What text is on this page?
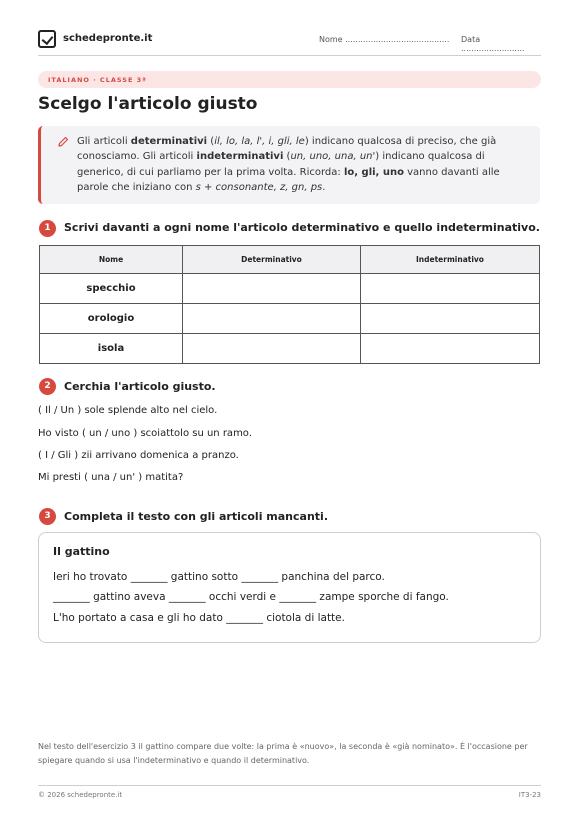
schedepronte.it	Nome ......................................... Data .........................
ITALIANO · CLASSE 3ª
Scelgo l'articolo giusto
Gli articoli determinativi (il, lo, la, l', i, gli, le) indicano qualcosa di preciso, che già conosciamo. Gli articoli indeterminativi (un, uno, una, un') indicano qualcosa di generico, di cui parliamo per la prima volta. Ricorda: lo, gli, uno vanno davanti alle parole che iniziano con s + consonante, z, gn, ps.
1	Scrivi davanti a ogni nome l'articolo determinativo e quello indeterminativo.
Nome	Determinativo	Indeterminativo
specchio		
orologio		
isola		
2	Cerchia l'articolo giusto.
( Il / Un ) sole splende alto nel cielo.
Ho visto ( un / uno ) scoiattolo su un ramo.
( I / Gli ) zii arrivano domenica a pranzo.
Mi presti ( una / un' ) matita?
3	Completa il testo con gli articoli mancanti.
Il gattino
Ieri ho trovato _______ gattino sotto _______ panchina del parco.
_______ gattino aveva _______ occhi verdi e _______ zampe sporche di fango.
L'ho portato a casa e gli ho dato _______ ciotola di latte.
Nel testo dell'esercizio 3 il gattino compare due volte: la prima è «nuovo», la seconda è «già nominato». È l'occasione per spiegare quando si usa l'indeterminativo e quando il determinativo.
© 2026 schedepronte.it	IT3-23
